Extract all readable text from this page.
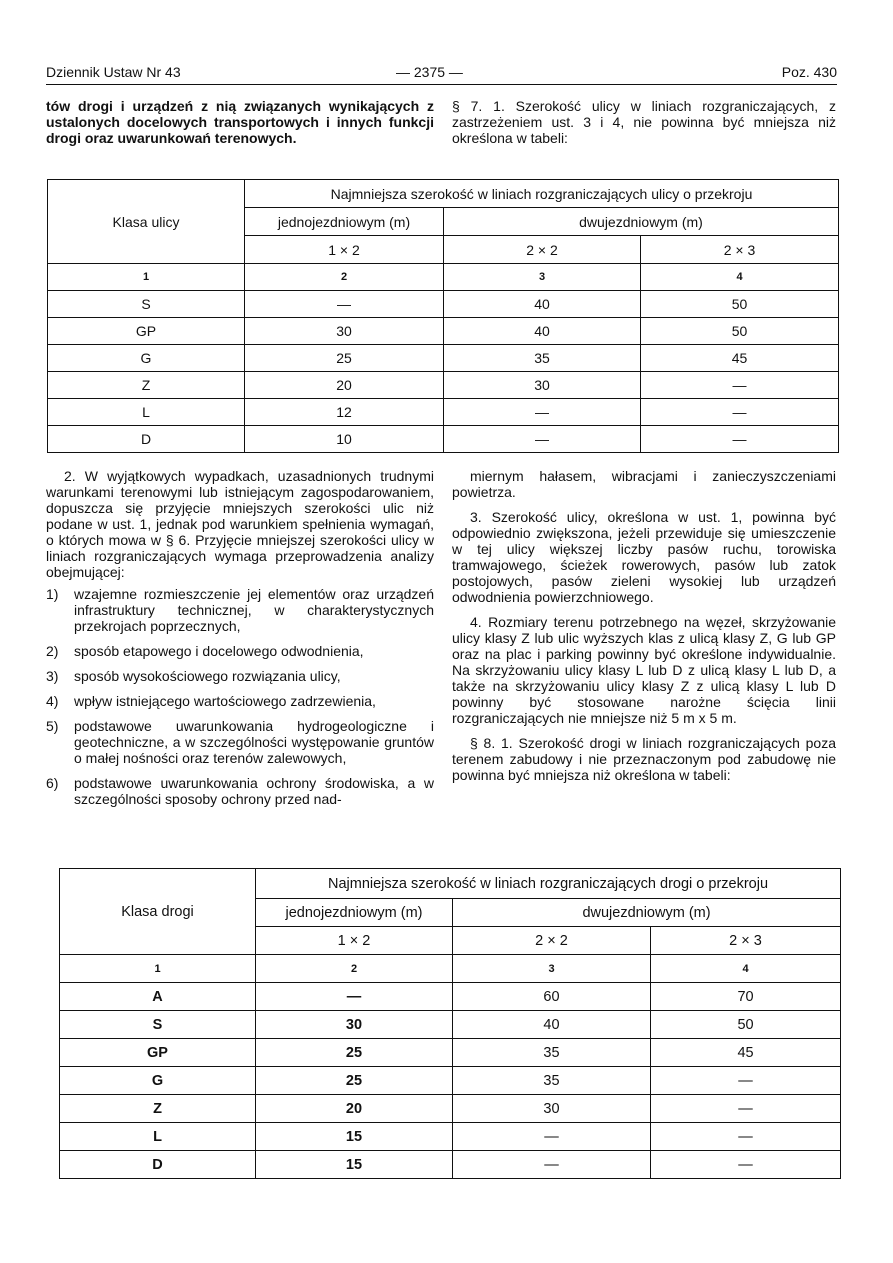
Dziennik Ustaw Nr 43	— 2375 —	Poz. 430
tów drogi i urządzeń z nią związanych wynikających z ustalonych docelowych transportowych i innych funkcji drogi oraz uwarunkowań terenowych.
§ 7. 1. Szerokość ulicy w liniach rozgraniczających, z zastrzeżeniem ust. 3 i 4, nie powinna być mniejsza niż określona w tabeli:
Klasa ulicy	Najmniejsza szerokość w liniach rozgraniczających ulicy o przekroju		
	jednojezdniowym (m)	dwujezdniowym (m)	
	1 × 2	2 × 2	2 × 3
1	2	3	4
S	—	40	50
GP	30	40	50
G	25	35	45
Z	20	30	—
L	12	—	—
D	10	—	—

2. W wyjątkowych wypadkach, uzasadnionych trudnymi warunkami terenowymi lub istniejącym zagospodarowaniem, dopuszcza się przyjęcie mniejszych szerokości ulic niż podane w ust. 1, jednak pod warunkiem spełnienia wymagań, o których mowa w § 6. Przyjęcie mniejszej szerokości ulicy w liniach rozgraniczających wymaga przeprowadzenia analizy obejmującej:

1) wzajemne rozmieszczenie jej elementów oraz urządzeń infrastruktury technicznej, w charakterystycznych przekrojach poprzecznych,
2) sposób etapowego i docelowego odwodnienia,
3) sposób wysokościowego rozwiązania ulicy,
4) wpływ istniejącego wartościowego zadrzewienia,
5) podstawowe uwarunkowania hydrogeologiczne i geotechniczne, a w szczególności występowanie gruntów o małej nośności oraz terenów zalewowych,
6) podstawowe uwarunkowania ochrony środowiska, a w szczególności sposoby ochrony przed nad-

miernym hałasem, wibracjami i zanieczyszczeniami powietrza.

3. Szerokość ulicy, określona w ust. 1, powinna być odpowiednio zwiększona, jeżeli przewiduje się umieszczenie w tej ulicy większej liczby pasów ruchu, torowiska tramwajowego, ścieżek rowerowych, pasów lub zatok postojowych, pasów zieleni wysokiej lub urządzeń odwodnienia powierzchniowego.

4. Rozmiary terenu potrzebnego na węzeł, skrzyżowanie ulicy klasy Z lub ulic wyższych klas z ulicą klasy Z, G lub GP oraz na plac i parking powinny być określone indywidualnie. Na skrzyżowaniu ulicy klasy L lub D z ulicą klasy L lub D, a także na skrzyżowaniu ulicy klasy Z z ulicą klasy L lub D powinny być stosowane narożne ścięcia linii rozgraniczających nie mniejsze niż 5 m x 5 m.

§ 8. 1. Szerokość drogi w liniach rozgraniczających poza terenem zabudowy i nie przeznaczonym pod zabudowę nie powinna być mniejsza niż określona w tabeli:

Klasa drogi	Najmniejsza szerokość w liniach rozgraniczających drogi o przekroju		
	jednojezdniowym (m)	dwujezdniowym (m)	
	1 × 2	2 × 2	2 × 3
1	2	3	4
A	—	60	70
S	30	40	50
GP	25	35	45
G	25	35	—
Z	20	30	—
L	15	—	—
D	15	—	—
